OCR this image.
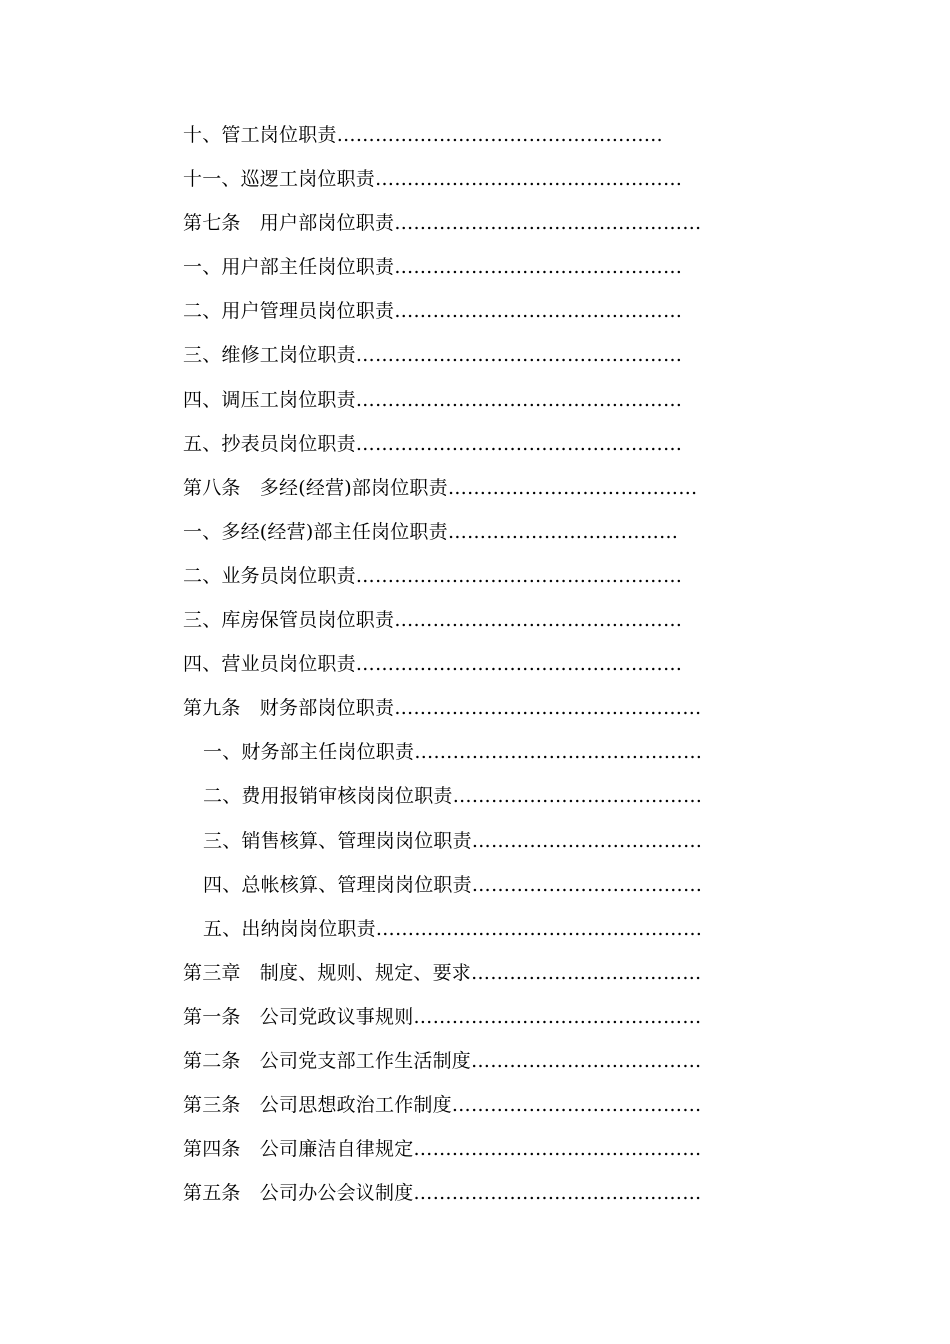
十、管工岗位职责……………………………………………
十一、巡逻工岗位职责…………………………………………
第七条　用户部岗位职责…………………………………………
一、用户部主任岗位职责………………………………………
二、用户管理员岗位职责………………………………………
三、维修工岗位职责……………………………………………
四、调压工岗位职责……………………………………………
五、抄表员岗位职责……………………………………………
第八条　多经(经营)部岗位职责…………………………………
一、多经(经营)部主任岗位职责………………………………
二、业务员岗位职责……………………………………………
三、库房保管员岗位职责………………………………………
四、营业员岗位职责……………………………………………
第九条　财务部岗位职责…………………………………………
一、财务部主任岗位职责………………………………………
二、费用报销审核岗岗位职责…………………………………
三、销售核算、管理岗岗位职责………………………………
四、总帐核算、管理岗岗位职责………………………………
五、出纳岗岗位职责……………………………………………
第三章　制度、规则、规定、要求………………………………
第一条　公司党政议事规则………………………………………
第二条　公司党支部工作生活制度………………………………
第三条　公司思想政治工作制度…………………………………
第四条　公司廉洁自律规定………………………………………
第五条　公司办公会议制度………………………………………
